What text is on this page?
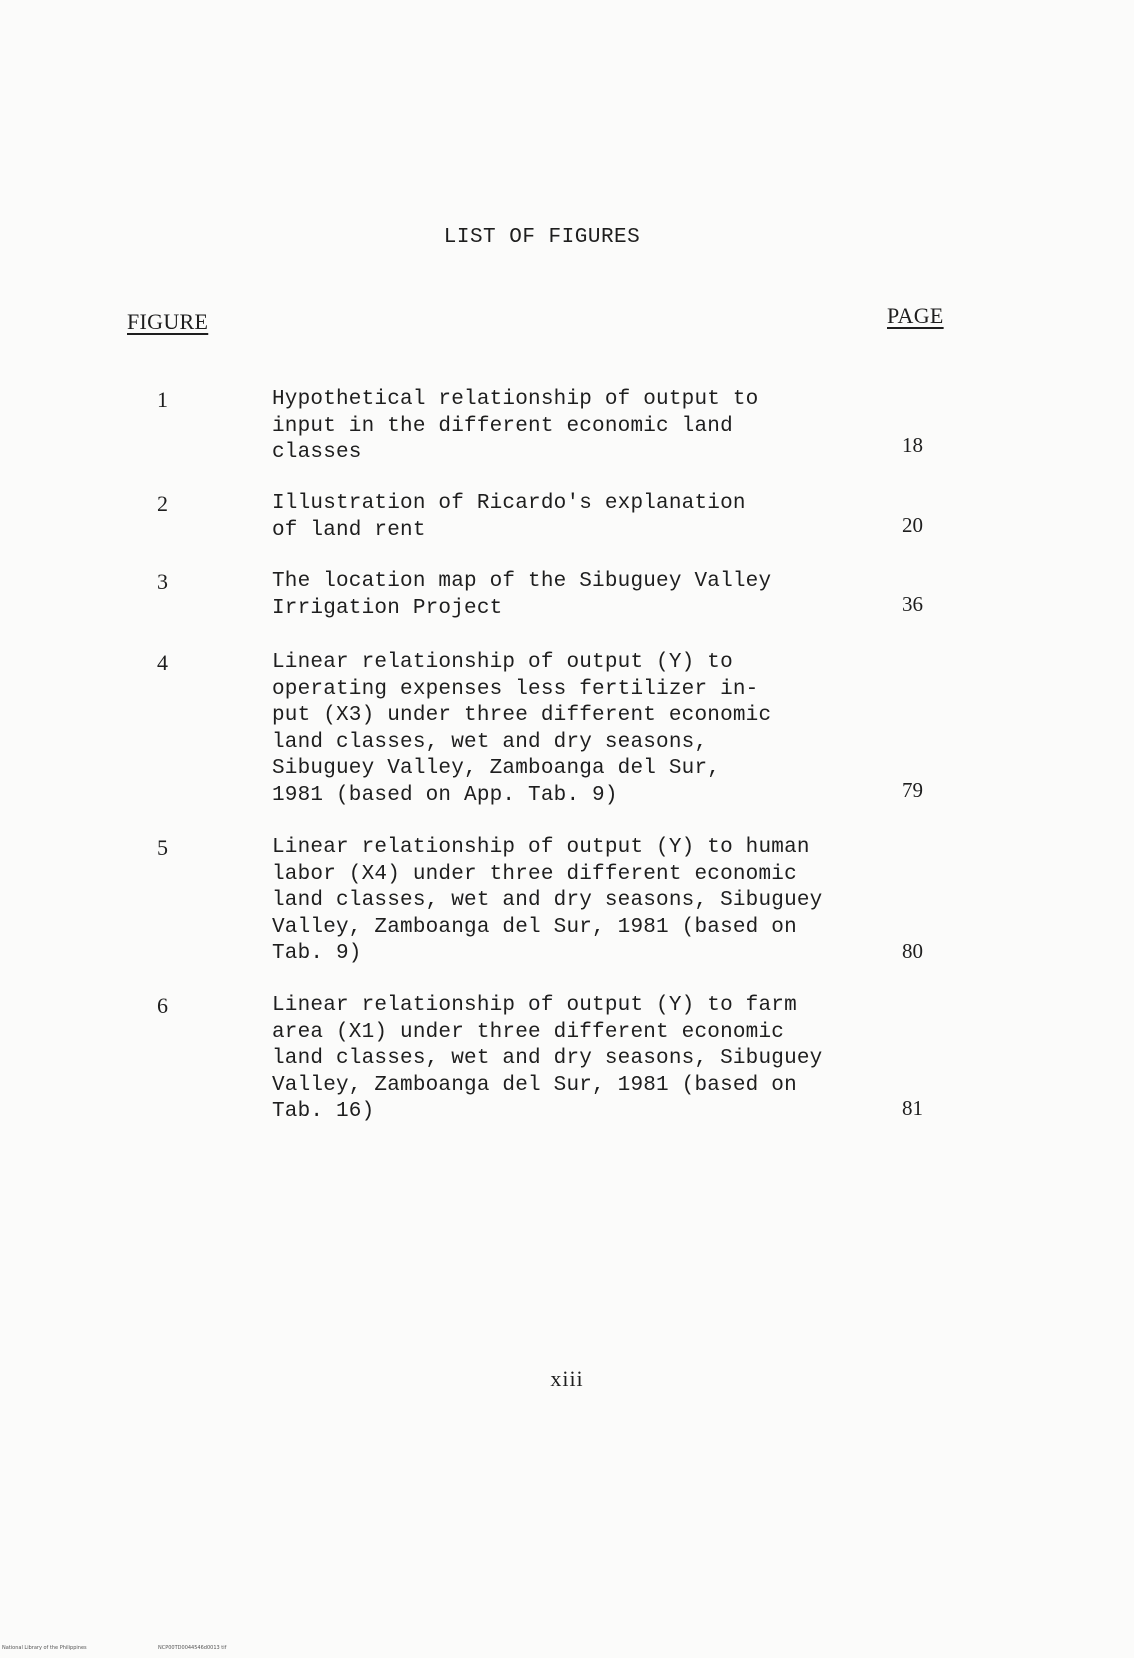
LIST OF FIGURES
FIGURE	PAGE
1	Hypothetical relationship of output to
input in the different economic land
classes	18
2	Illustration of Ricardo's explanation
of land rent	20
3	The location map of the Sibuguey Valley
Irrigation Project	36
4	Linear relationship of output (Y) to
operating expenses less fertilizer in-
put (X3) under three different economic
land classes, wet and dry seasons,
Sibuguey Valley, Zamboanga del Sur,
1981 (based on App. Tab. 9)	79
5	Linear relationship of output (Y) to human
labor (X4) under three different economic
land classes, wet and dry seasons, Sibuguey
Valley, Zamboanga del Sur, 1981 (based on
Tab. 9)	80
6	Linear relationship of output (Y) to farm
area (X1) under three different economic
land classes, wet and dry seasons, Sibuguey
Valley, Zamboanga del Sur, 1981 (based on
Tab. 16)	81
xiii
National Library of the Philippines	NCP00TD0044546d0013 tif
